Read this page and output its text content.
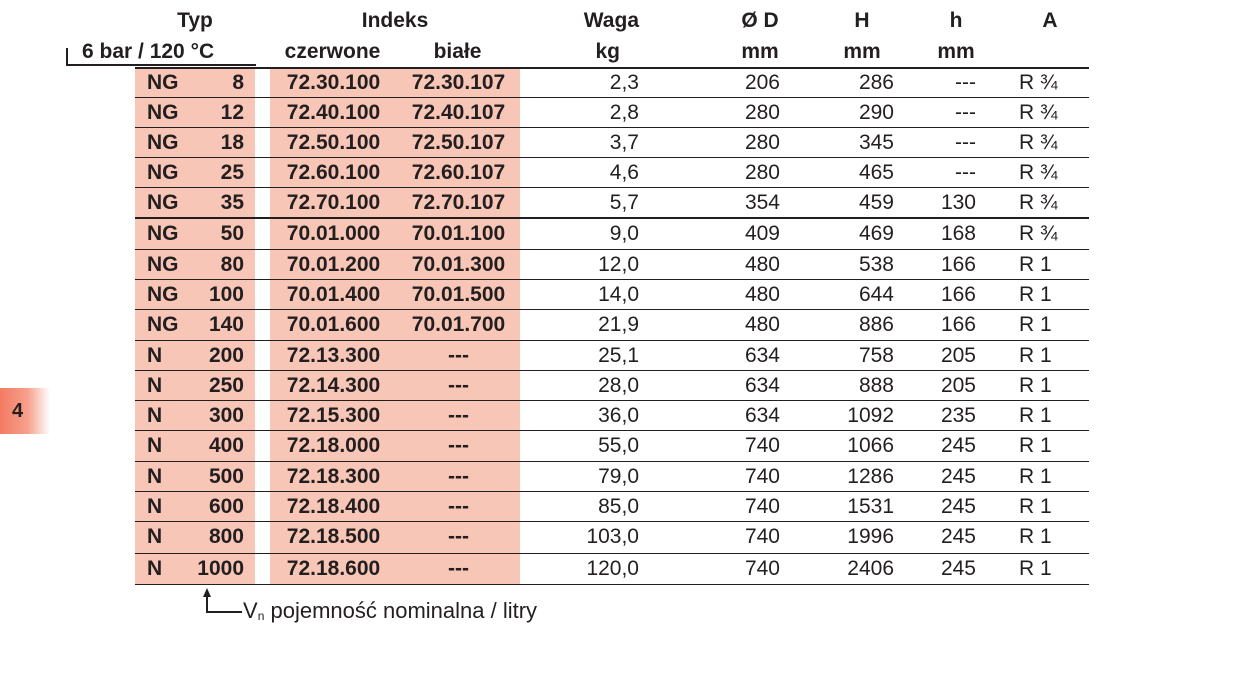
Typ	Indeks	Waga	Ø D	H	h	A
6 bar / 120 °C	czerwone	białe	kg	mm	mm	mm
NG	8	72.30.100	72.30.107	2,3	206	286	--- R ¾
NG	12	72.40.100	72.40.107	2,8	280	290	--- R ¾
NG	18	72.50.100	72.50.107	3,7	280	345	--- R ¾
NG	25	72.60.100	72.60.107	4,6	280	465	--- R ¾
NG	35	72.70.100	72.70.107	5,7	354	459	130 R ¾
NG	50	70.01.000	70.01.100	9,0	409	469	168 R ¾
NG	80	70.01.200	70.01.300	12,0	480	538	166 R 1
NG	100	70.01.400	70.01.500	14,0	480	644	166 R 1
NG	140	70.01.600	70.01.700	21,9	480	886	166 R 1
N	200	72.13.300	---	25,1	634	758	205 R 1
N	250	72.14.300	---	28,0	634	888	205 R 1
N	300	72.15.300	---	36,0	634	1092	235 R 1
N	400	72.18.000	---	55,0	740	1066	245 R 1
N	500	72.18.300	---	79,0	740	1286	245 R 1
N	600	72.18.400	---	85,0	740	1531	245 R 1
N	800	72.18.500	---	103,0	740	1996	245 R 1
N	1000	72.18.600	---	120,0	740	2406	245 R 1
4
$V_n$ pojemność nominalna / litry
